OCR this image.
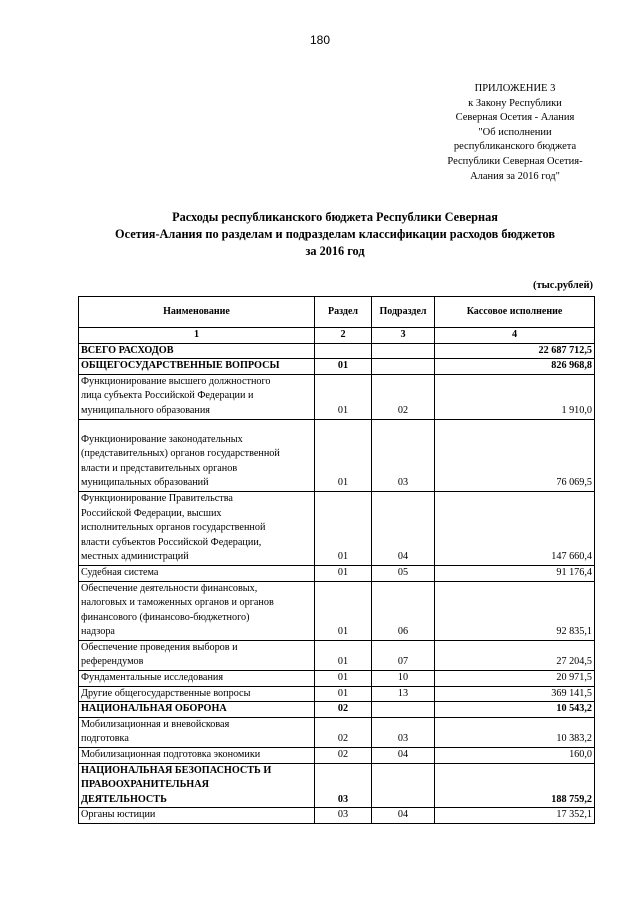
180
ПРИЛОЖЕНИЕ 3
к Закону Республики
Северная Осетия - Алания
"Об исполнении
республиканского бюджета
Республики Северная Осетия-
Алания за 2016 год"
Расходы республиканского бюджета Республики Северная
Осетия-Алания по разделам и подразделам классификации расходов бюджетов
за 2016 год
(тыс.рублей)
Наименование	Раздел	Подраздел	Кассовое исполнение
1	2	3	4
ВСЕГО РАСХОДОВ			22 687 712,5
ОБЩЕГОСУДАРСТВЕННЫЕ ВОПРОСЫ	01		826 968,8
Функционирование высшего должностного
лица субъекта Российской Федерации и
муниципального образования	01	02	1 910,0
Функционирование законодательных
(представительных) органов государственной
власти и представительных органов
муниципальных образований	01	03	76 069,5
Функционирование Правительства
Российской Федерации, высших
исполнительных органов государственной
власти субъектов Российской Федерации,
местных администраций	01	04	147 660,4
Судебная система	01	05	91 176,4
Обеспечение деятельности финансовых,
налоговых и таможенных органов и органов
финансового (финансово-бюджетного)
надзора	01	06	92 835,1
Обеспечение проведения выборов и
референдумов	01	07	27 204,5
Фундаментальные исследования	01	10	20 971,5
Другие общегосударственные вопросы	01	13	369 141,5
НАЦИОНАЛЬНАЯ ОБОРОНА	02		10 543,2
Мобилизационная и вневойсковая
подготовка	02	03	10 383,2
Мобилизационная подготовка экономики	02	04	160,0
НАЦИОНАЛЬНАЯ БЕЗОПАСНОСТЬ И
ПРАВООХРАНИТЕЛЬНАЯ
ДЕЯТЕЛЬНОСТЬ	03		188 759,2
Органы юстиции	03	04	17 352,1
